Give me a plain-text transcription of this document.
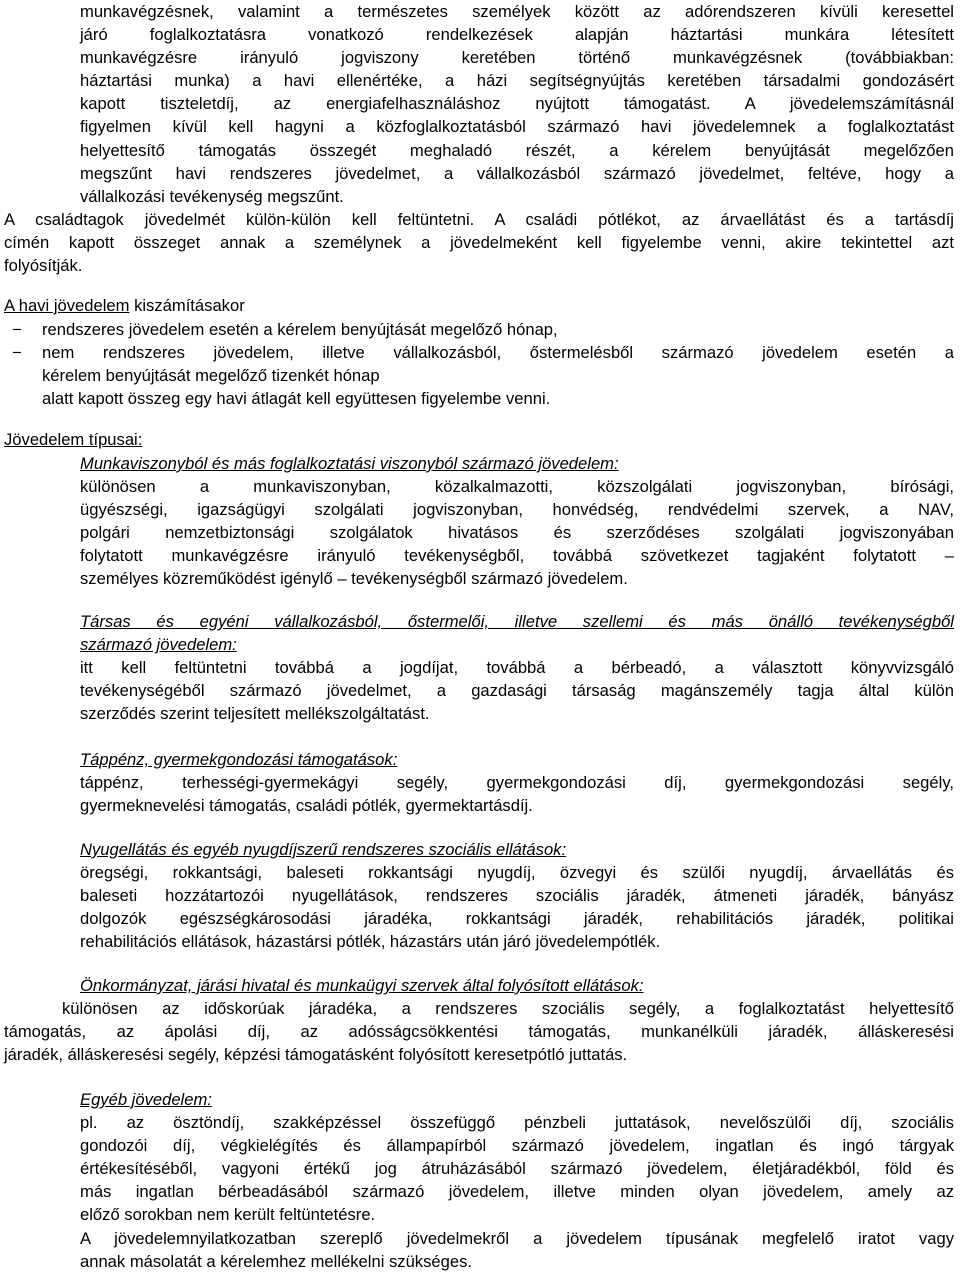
munkavégzésnek, valamint a természetes személyek között az adórendszeren kívüli keresettel
járó foglalkoztatásra vonatkozó rendelkezések alapján háztartási munkára létesített
munkavégzésre irányuló jogviszony keretében történő munkavégzésnek (továbbiakban:
háztartási munka) a havi ellenértéke, a házi segítségnyújtás keretében társadalmi gondozásért
kapott tiszteletdíj, az energiafelhasználáshoz nyújtott támogatást. A jövedelemszámításnál
figyelmen kívül kell hagyni a közfoglalkoztatásból származó havi jövedelemnek a foglalkoztatást
helyettesítő támogatás összegét meghaladó részét, a kérelem benyújtását megelőzően
megszűnt havi rendszeres jövedelmet, a vállalkozásból származó jövedelmet, feltéve, hogy a
vállalkozási tevékenység megszűnt.
A családtagok jövedelmét külön-külön kell feltüntetni. A családi pótlékot, az árvaellátást és a tartásdíj
címén kapott összeget annak a személynek a jövedelmeként kell figyelembe venni, akire tekintettel azt
folyósítják.
A havi jövedelem kiszámításakor
− rendszeres jövedelem esetén a kérelem benyújtását megelőző hónap,
− nem rendszeres jövedelem, illetve vállalkozásból, őstermelésből származó jövedelem esetén a
kérelem benyújtását megelőző tizenkét hónap
alatt kapott összeg egy havi átlagát kell együttesen figyelembe venni.
Jövedelem típusai:
Munkaviszonyból és más foglalkoztatási viszonyból származó jövedelem:
különösen a munkaviszonyban, közalkalmazotti, közszolgálati jogviszonyban, bírósági,
ügyészségi, igazságügyi szolgálati jogviszonyban, honvédség, rendvédelmi szervek, a NAV,
polgári nemzetbiztonsági szolgálatok hivatásos és szerződéses szolgálati jogviszonyában
folytatott munkavégzésre irányuló tevékenységből, továbbá szövetkezet tagjaként folytatott –
személyes közreműködést igénylő – tevékenységből származó jövedelem.
Társas és egyéni vállalkozásból, őstermelői, illetve szellemi és más önálló tevékenységből
származó jövedelem:
itt kell feltüntetni továbbá a jogdíjat, továbbá a bérbeadó, a választott könyvvizsgáló
tevékenységéből származó jövedelmet, a gazdasági társaság magánszemély tagja által külön
szerződés szerint teljesített mellékszolgáltatást.
Táppénz, gyermekgondozási támogatások:
táppénz, terhességi-gyermekágyi segély, gyermekgondozási díj, gyermekgondozási segély,
gyermeknevelési támogatás, családi pótlék, gyermektartásdíj.
Nyugellátás és egyéb nyugdíjszerű rendszeres szociális ellátások:
öregségi, rokkantsági, baleseti rokkantsági nyugdíj, özvegyi és szülői nyugdíj, árvaellátás és
baleseti hozzátartozói nyugellátások, rendszeres szociális járadék, átmeneti járadék, bányász
dolgozók egészségkárosodási járadéka, rokkantsági járadék, rehabilitációs járadék, politikai
rehabilitációs ellátások, házastársi pótlék, házastárs után járó jövedelempótlék.
Önkormányzat, járási hivatal és munkaügyi szervek által folyósított ellátások:
különösen az időskorúak járadéka, a rendszeres szociális segély, a foglalkoztatást helyettesítő
támogatás, az ápolási díj, az adósságcsökkentési támogatás, munkanélküli járadék, álláskeresési
járadék, álláskeresési segély, képzési támogatásként folyósított keresetpótló juttatás.
Egyéb jövedelem:
pl. az ösztöndíj, szakképzéssel összefüggő pénzbeli juttatások, nevelőszülői díj, szociális
gondozói díj, végkielégítés és állampapírból származó jövedelem, ingatlan és ingó tárgyak
értékesítéséből, vagyoni értékű jog átruházásából származó jövedelem, életjáradékból, föld és
más ingatlan bérbeadásából származó jövedelem, illetve minden olyan jövedelem, amely az
előző sorokban nem került feltüntetésre.
A jövedelemnyilatkozatban szereplő jövedelmekről a jövedelem típusának megfelelő iratot vagy
annak másolatát a kérelemhez mellékelni szükséges.
